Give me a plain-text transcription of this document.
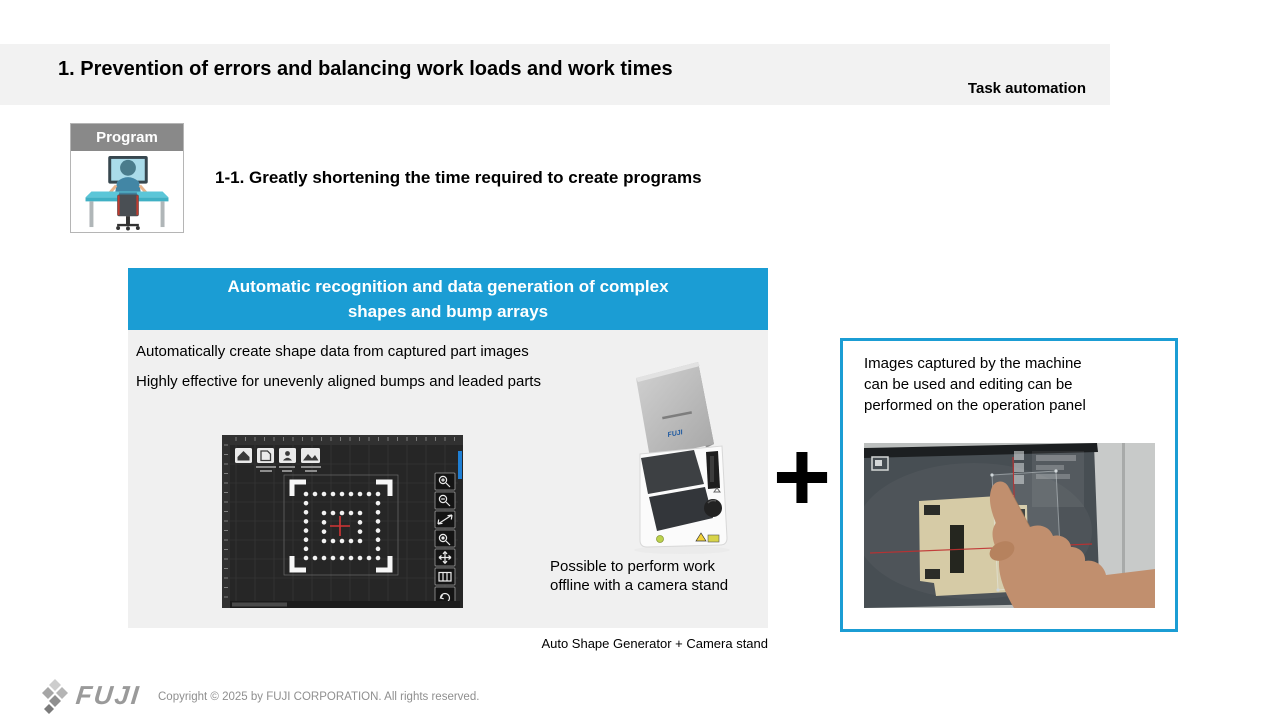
1. Prevention of errors and balancing work loads and work times
Task automation
Program
1-1. Greatly shortening the time required to create programs
Automatic recognition and data generation of complex
shapes and bump arrays
Automatically create shape data from captured part images
Highly effective for unevenly aligned bumps and leaded parts
FUJI
Possible to perform work
offline with a camera stand
Auto Shape Generator + Camera stand
+
Images captured by the machine
can be used and editing can be
performed on the operation panel
FUJI Copyright © 2025 by FUJI CORPORATION. All rights reserved.
